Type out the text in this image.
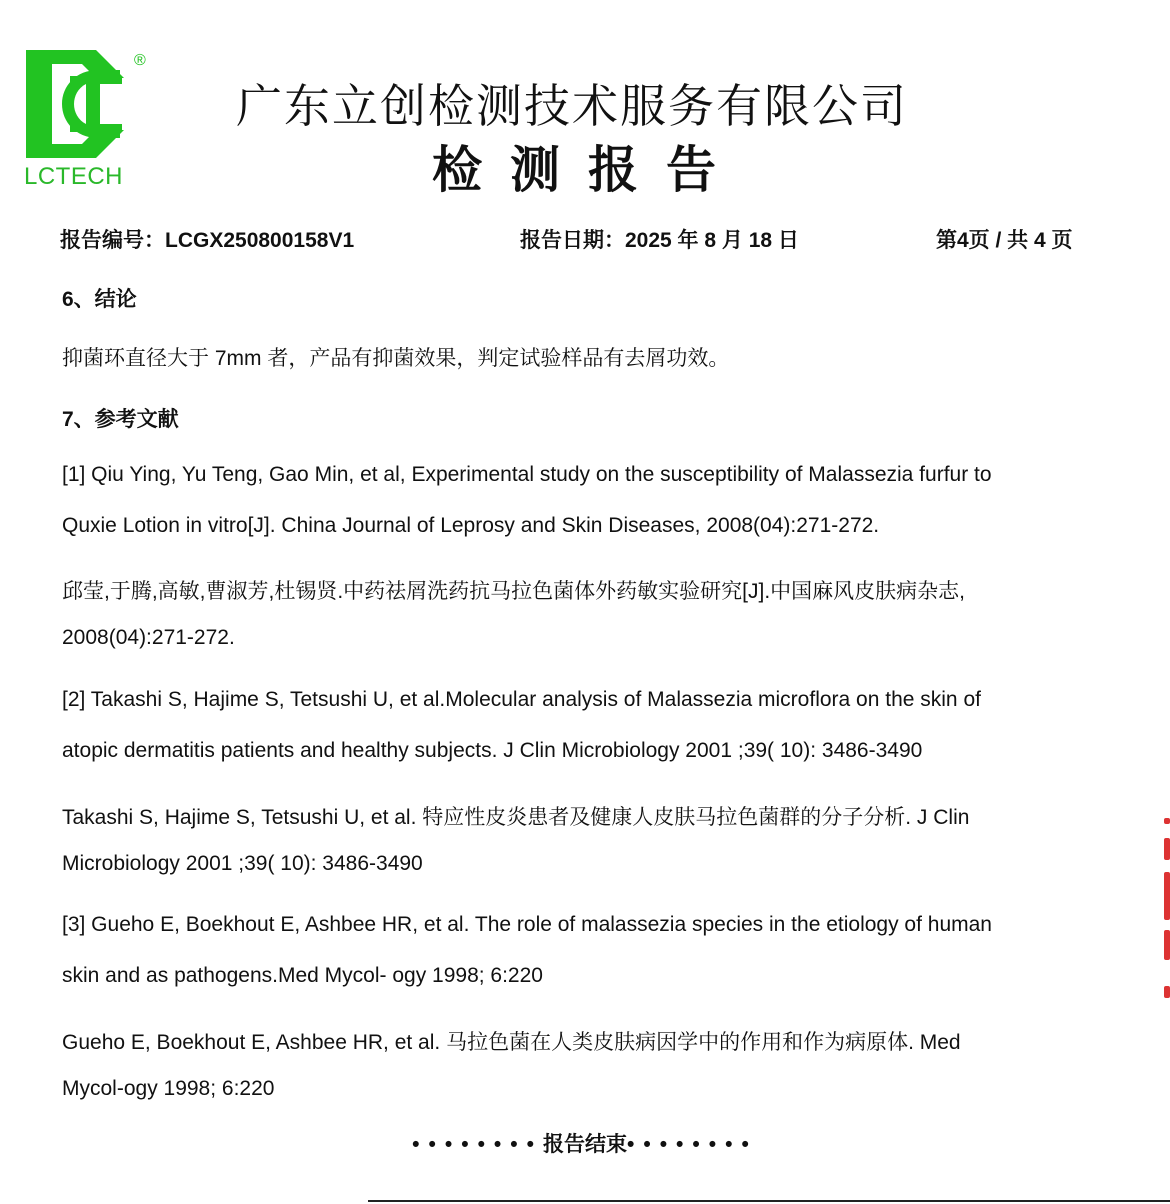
®
LCTECH
广东立创检测技术服务有限公司
检测报告
报告编号：LCGX250800158V1	报告日期：2025 年 8 月 18 日	第4页 / 共 4 页
6、结论
抑菌环直径大于 7mm 者，产品有抑菌效果，判定试验样品有去屑功效。
7、参考文献
[1] Qiu Ying, Yu Teng, Gao Min, et al, Experimental study on the susceptibility of Malassezia furfur to
Quxie Lotion in vitro[J]. China Journal of Leprosy and Skin Diseases, 2008(04):271-272.
邱莹,于腾,高敏,曹淑芳,杜锡贤.中药祛屑洗药抗马拉色菌体外药敏实验研究[J].中国麻风皮肤病杂志,
2008(04):271-272.
[2] Takashi S, Hajime S, Tetsushi U, et al.Molecular analysis of Malassezia microflora on the skin of
atopic dermatitis patients and healthy subjects. J Clin Microbiology 2001 ;39( 10): 3486-3490
Takashi S, Hajime S, Tetsushi U, et al. 特应性皮炎患者及健康人皮肤马拉色菌群的分子分析. J Clin
Microbiology 2001 ;39( 10): 3486-3490
[3] Gueho E, Boekhout E, Ashbee HR, et al. The role of malassezia species in the etiology of human
skin and as pathogens.Med Mycol- ogy 1998; 6:220
Gueho E, Boekhout E, Ashbee HR, et al. 马拉色菌在人类皮肤病因学中的作用和作为病原体. Med
Mycol-ogy 1998; 6:220
••••••••报告结束••••••••
